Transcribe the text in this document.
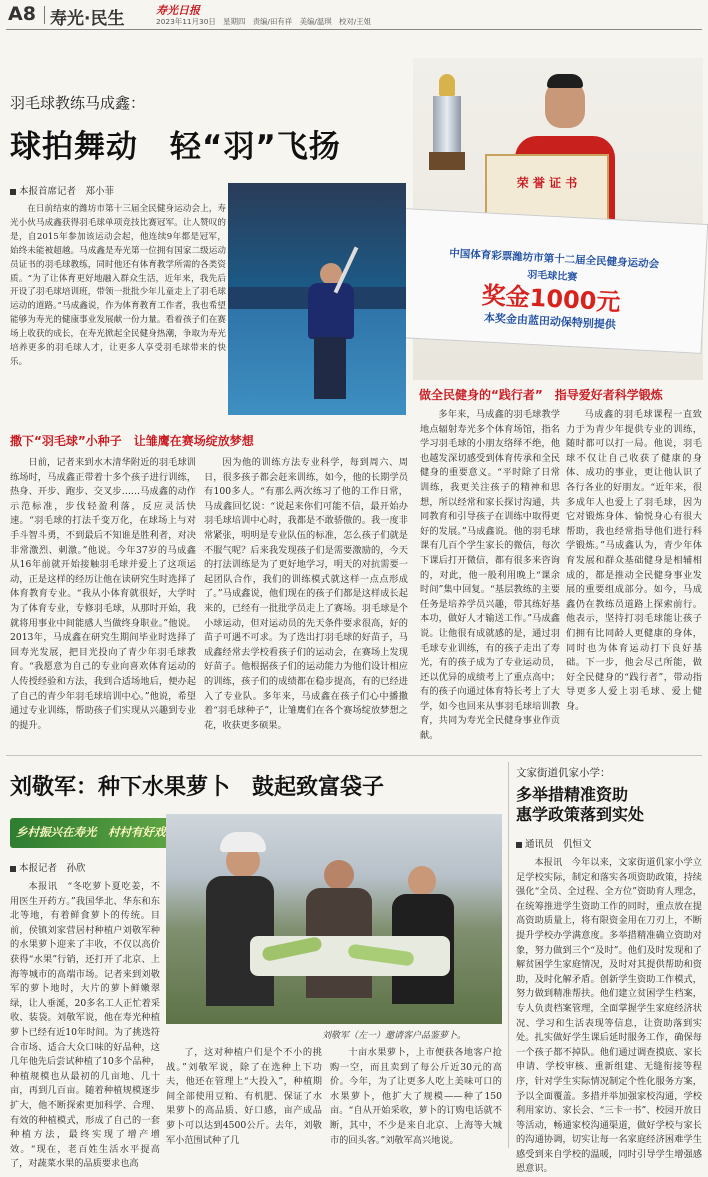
A8 寿光·民生	寿光日报
2023年11月30日　星期四　责编/田有祥　美编/温琪　校对/王姐
羽毛球教练马成鑫：
球拍舞动　轻“羽”飞扬
荣 誉 证 书
中国体育彩票潍坊市第十二届全民健身运动会
羽毛球比赛
奖金1000元
本奖金由蓝田动保特别提供
本报首席记者　郑小菲

在日前结束的潍坊市第十三届全民健身运动会上，寿光小伙马成鑫获得羽毛球单项竞技比赛冠军。让人赞叹的是，自2015年参加该运动会起，他连续9年都是冠军，始终未能被超越。马成鑫是寿光第一位拥有国家二级运动员证书的羽毛球教练，同时他还有体育教学所需的各类资质。“为了让体育更好地融入群众生活，近年来，我先后开设了羽毛球培训班，带领一批批少年儿童走上了羽毛球运动的道路。”马成鑫说，作为体育教育工作者，我也希望能够为寿光的健康事业发展献一份力量。看着孩子们在赛场上收获的成长，在寿光掀起全民健身热潮，争取为寿光培养更多的羽毛球人才，让更多人享受羽毛球带来的快乐。

做全民健身的“践行者”　指导爱好者科学锻炼
撒下“羽毛球”小种子　让雏鹰在赛场绽放梦想

日前，记者来到水木清华附近的羽毛球训练场时，马成鑫正带着十多个孩子进行训练，热身、开步、跑步、交叉步……马成鑫的动作示范标准，步伐轻盈利落，反应灵活快速。“羽毛球的打法千变万化，在球场上与对手斗智斗勇，不到最后不知谁是胜利者，对决非常激烈、刺激。”他说。今年37岁的马成鑫从16年前就开始接触羽毛球并爱上了这项运动，正是这样的经历让他在读研究生时选择了体育教育专业。“我从小体育就很好，大学时为了体育专业，专修羽毛球，从那时开始，我就将用事业中间能感人当做终身职业。”他说。2013年，马成鑫在研究生期间毕业时选择了回寿光发展，把目光投向了青少年羽毛球教育。“我愿意为自己的专业向喜欢体育运动的人传授经验和方法，我到合适场地后，便办起了自己的青少年羽毛球培训中心。”他说，希望通过专业训练，帮助孩子们实现从兴趣到专业的提升。

因为他的训练方法专业科学，每到周六、周日，很多孩子都会赶来训练，如今，他的长期学员有100多人。“有那么两次练习了他的工作日常，马成鑫回忆说：“说起来你们可能不信，最开始办羽毛球培训中心时，我都是不敢骄傲的。我一度非常紧张，明明是专业队伍的标准，怎么孩子们就是不服气呢？后来我发现孩子们是需要激励的，今天的打法训练是为了更好地学习，明天的对抗需要一起团队合作，我们的训练模式就这样一点点形成了。”马成鑫说，他们现在的孩子们都是这样成长起来的，已经有一批批学员走上了赛场。羽毛球是个小球运动，但对运动员的先天条件要求很高，好的苗子可遇不可求。为了选出打羽毛球的好苗子，马成鑫经常去学校看孩子们的运动会，在赛场上发现好苗子。他根据孩子们的运动能力为他们设计相应的训练，孩子们的成绩都在稳步提高，有的已经进入了专业队。多年来，马成鑫在孩子们心中播撒着“羽毛球种子”，让雏鹰们在各个赛场绽放梦想之花，收获更多硕果。

多年来，马成鑫的羽毛球教学地点辐射寿光多个体育场馆，指名学习羽毛球的小朋友络绎不绝，他也越发深切感受到体育传承和全民健身的重要意义。“平时除了日常训练，我更关注孩子的精神和思想，所以经常和家长探讨沟通，共同教育和引导孩子在训练中取得更好的发展。”马成鑫说。他的羽毛球课有几百个学生家长的微信，每次下课后打开微信，都有很多来咨询的，对此，他一般利用晚上“课余时间”集中回复。“基层教练的主要任务是培养学员兴趣，带其练好基本功，做好人才输送工作。”马成鑫说。让他很有成就感的是，通过羽毛球专业训练，有的孩子走出了寿光，有的孩子成为了专业运动员，还以优异的成绩考上了重点高中；有的孩子向通过体育特长考上了大学，如今也回来从事羽毛球培训教育，共同为寿光全民健身事业作贡献。

马成鑫的羽毛球课程一直致力于为青少年提供专业的训练，随时都可以打一局。他说，羽毛球不仅让自己收获了健康的身体、成功的事业，更让他认识了各行各业的好朋友。“近年来，很多成年人也爱上了羽毛球，因为它对锻炼身体、愉悦身心有很大帮助，我也经常指导他们进行科学锻炼。”马成鑫认为，青少年体育发展和群众基础健身是相辅相成的，都是推动全民健身事业发展的重要组成部分。如今，马成鑫仍在教练员道路上探索前行。他表示，坚持打羽毛球能让孩子们拥有比同龄人更健康的身体，同时也为体育运动打下良好基础。下一步，他会尽己所能，做好全民健身的“践行者”，带动指导更多人爱上羽毛球、爱上健身。

刘敬军：种下水果萝卜　鼓起致富袋子
乡村振兴在寿光　村村有好戏
本报记者　孙欣

本报讯　“冬吃萝卜夏吃姜，不用医生开药方。”我国华北、华东和东北等地，有着鲜食萝卜的传统。目前，侯镇刘家营居村种植户刘敬军种的水果萝卜迎来了丰收，不仅以高价获得“水果”行销，还打开了北京、上海等城市的高端市场。记者来到刘敬军的萝卜地时，大片的萝卜鲜嫩翠绿，让人垂涎，20多名工人正忙着采收、装袋。刘敬军说，他在寿光种植萝卜已经有近10年时间。为了挑选符合市场、适合大众口味的好品种，这几年他先后尝试种植了10多个品种，种植规模也从最初的几亩地、几十亩，再到几百亩。随着种植规模逐步扩大，他不断探索更加科学、合理、有效的种植模式，形成了自己的一套种植方法，最终实现了增产增效。“现在，老百姓生活水平提高了，对蔬菜水果的品质要求也高

刘敬军（左一）邀请客户品鉴萝卜。

了，这对种植户们是个不小的挑战。”刘敬军说，除了在选种上下功夫，他还在管理上“大投入”，种植期间全部使用豆粕、有机肥、保证了水果萝卜的高品质、好口感，亩产成品萝卜可以达到4500公斤。去年，刘敬军小范围试种了几

十亩水果萝卜，上市便获各地客户抢购一空，而且卖到了每公斤近30元的高价。今年，为了让更多人吃上美味可口的水果萝卜，他扩大了规模——种了150亩。“自从开始采收，萝卜的订购电话就不断，其中，不少是来自北京、上海等大城市的回头客。”刘敬军高兴地说。

文家街道仉家小学：
多举措精准资助
惠学政策落到实处
通讯员　仉恒文

本报讯　今年以来，文家街道仉家小学立足学校实际，制定和落实各项资助政策，持续强化“全员、全过程、全方位”资助育人理念，在统筹推进学生资助工作的同时，重点放在提高资助质量上，将有限资金用在刀刃上，不断提升学校办学满意度。多举措精准确立资助对象，努力做到三个“及时”。他们及时发现和了解贫困学生家庭情况，及时对其提供帮助和资助，及时化解矛盾。创新学生资助工作模式，努力做到精准帮扶。他们建立贫困学生档案，专人负责档案管理，全面掌握学生家庭经济状况、学习和生活表现等信息，让资助落到实处。扎实做好学生课后延时服务工作，确保每一个孩子都不掉队。他们通过调查摸底、家长申请、学校审核、重新组建、无缝衔接等程序，针对学生实际情况制定个性化服务方案，予以全面覆盖。多措并举加强家校沟通，学校利用家访、家长会、“三卡一书”、校园开放日等活动，畅通家校沟通渠道，做好学校与家长的沟通协调，切实让每一名家庭经济困难学生感受到来自学校的温暖，同时引导学生增强感恩意识。
